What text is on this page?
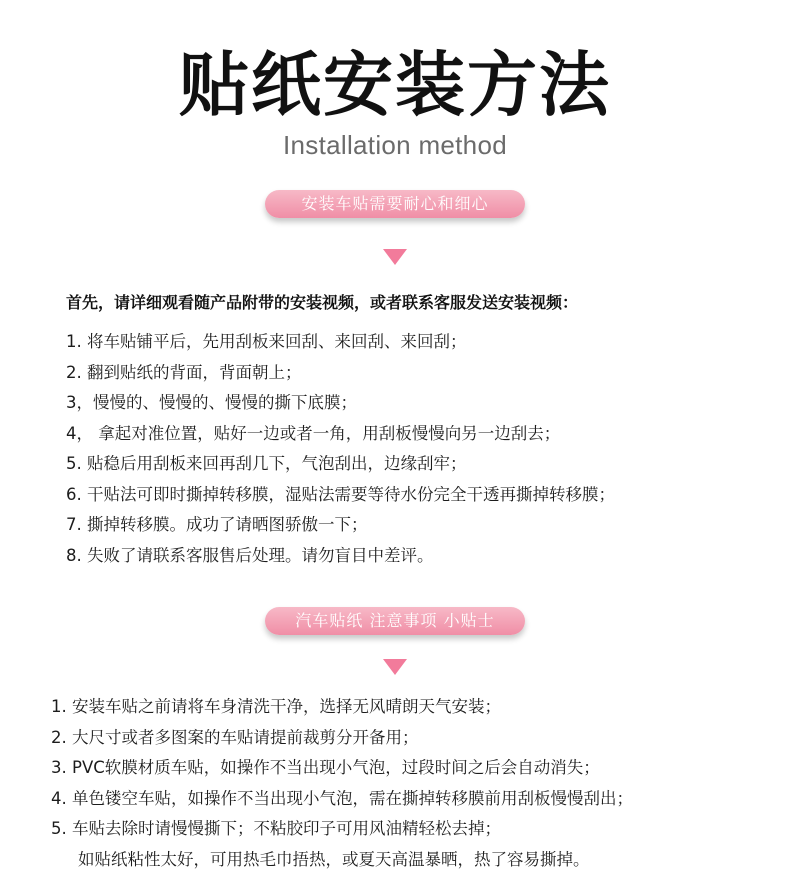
贴纸安装方法
Installation method
安装车贴需要耐心和细心
首先，请详细观看随产品附带的安装视频，或者联系客服发送安装视频：
1. 将车贴铺平后，先用刮板来回刮、来回刮、来回刮；
2. 翻到贴纸的背面，背面朝上；
3，慢慢的、慢慢的、慢慢的撕下底膜；
4， 拿起对准位置，贴好一边或者一角，用刮板慢慢向另一边刮去；
5. 贴稳后用刮板来回再刮几下，气泡刮出，边缘刮牢；
6. 干贴法可即时撕掉转移膜，湿贴法需要等待水份完全干透再撕掉转移膜；
7. 撕掉转移膜。成功了请晒图骄傲一下；
8. 失败了请联系客服售后处理。请勿盲目中差评。
汽车贴纸 注意事项 小贴士
1. 安装车贴之前请将车身清洗干净，选择无风晴朗天气安装；
2. 大尺寸或者多图案的车贴请提前裁剪分开备用；
3. PVC软膜材质车贴，如操作不当出现小气泡，过段时间之后会自动消失；
4. 单色镂空车贴，如操作不当出现小气泡，需在撕掉转移膜前用刮板慢慢刮出；
5. 车贴去除时请慢慢撕下；不粘胶印子可用风油精轻松去掉；
如贴纸粘性太好，可用热毛巾捂热，或夏天高温暴晒，热了容易撕掉。
